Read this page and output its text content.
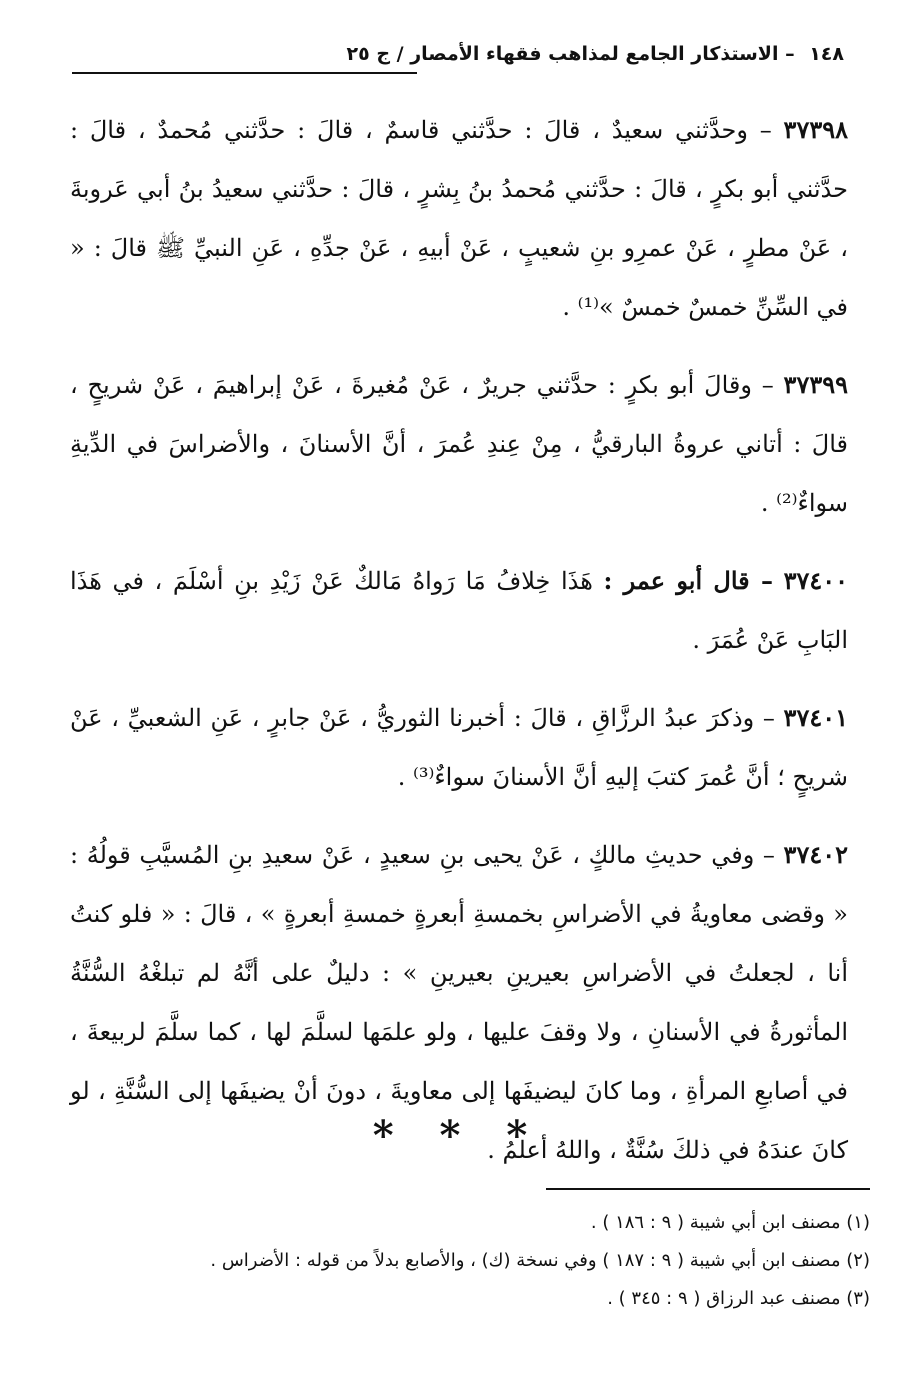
١٤٨ – الاستذكار الجامع لمذاهب فقهاء الأمصار / ج ٢٥

٣٧٣٩٨ – وحدَّثني سعيدٌ ، قالَ : حدَّثني قاسمٌ ، قالَ : حدَّثني مُحمدٌ ، قالَ : حدَّثني أبو بكرٍ ، قالَ : حدَّثني مُحمدُ بنُ بِشرٍ ، قالَ : حدَّثني سعيدُ بنُ أبي عَروبةَ ، عَنْ مطرٍ ، عَنْ عمرِو بنِ شعيبٍ ، عَنْ أبيهِ ، عَنْ جدِّهِ ، عَنِ النبيِّ ﷺ قالَ : « في السِّنِّ خمسٌ خمسٌ »⁽¹⁾ .

٣٧٣٩٩ – وقالَ أبو بكرٍ : حدَّثني جريرٌ ، عَنْ مُغيرةَ ، عَنْ إبراهيمَ ، عَنْ شريحٍ ، قالَ : أتاني عروةُ البارقيُّ ، مِنْ عِندِ عُمرَ ، أنَّ الأسنانَ ، والأضراسَ في الدِّيةِ سواءٌ⁽²⁾ .

٣٧٤٠٠ – قال أبو عمر : هَذَا خِلافُ مَا رَواهُ مَالكٌ عَنْ زَيْدِ بنِ أسْلَمَ ، في هَذَا البَابِ عَنْ عُمَرَ .

٣٧٤٠١ – وذكرَ عبدُ الرزَّاقِ ، قالَ : أخبرنا الثوريُّ ، عَنْ جابرٍ ، عَنِ الشعبيِّ ، عَنْ شريحٍ ؛ أنَّ عُمرَ كتبَ إليهِ أنَّ الأسنانَ سواءٌ⁽³⁾ .

٣٧٤٠٢ – وفي حديثِ مالكٍ ، عَنْ يحيى بنِ سعيدٍ ، عَنْ سعيدِ بنِ المُسيَّبِ قولُهُ : « وقضى معاويةُ في الأضراسِ بخمسةِ أبعرةٍ خمسةِ أبعرةٍ » ، قالَ : « فلو كنتُ أنا ، لجعلتُ في الأضراسِ بعيرينِ بعيرينِ » : دليلٌ على أنَّهُ لم تبلغْهُ السُّنَّةُ المأثورةُ في الأسنانِ ، ولا وقفَ عليها ، ولو علمَها لسلَّمَ لها ، كما سلَّمَ لربيعةَ ، في أصابعِ المرأةِ ، وما كانَ ليضيفَها إلى معاويةَ ، دونَ أنْ يضيفَها إلى السُّنَّةِ ، لو كانَ عندَهُ في ذلكَ سُنَّةٌ ، واللهُ أعلمُ .

* * *

(١) مصنف ابن أبي شيبة ( ٩ : ١٨٦ ) .

(٢) مصنف ابن أبي شيبة ( ٩ : ١٨٧ ) وفي نسخة (ك) ، والأصابع بدلاً من قوله : الأضراس .

(٣) مصنف عبد الرزاق ( ٩ : ٣٤٥ ) .
